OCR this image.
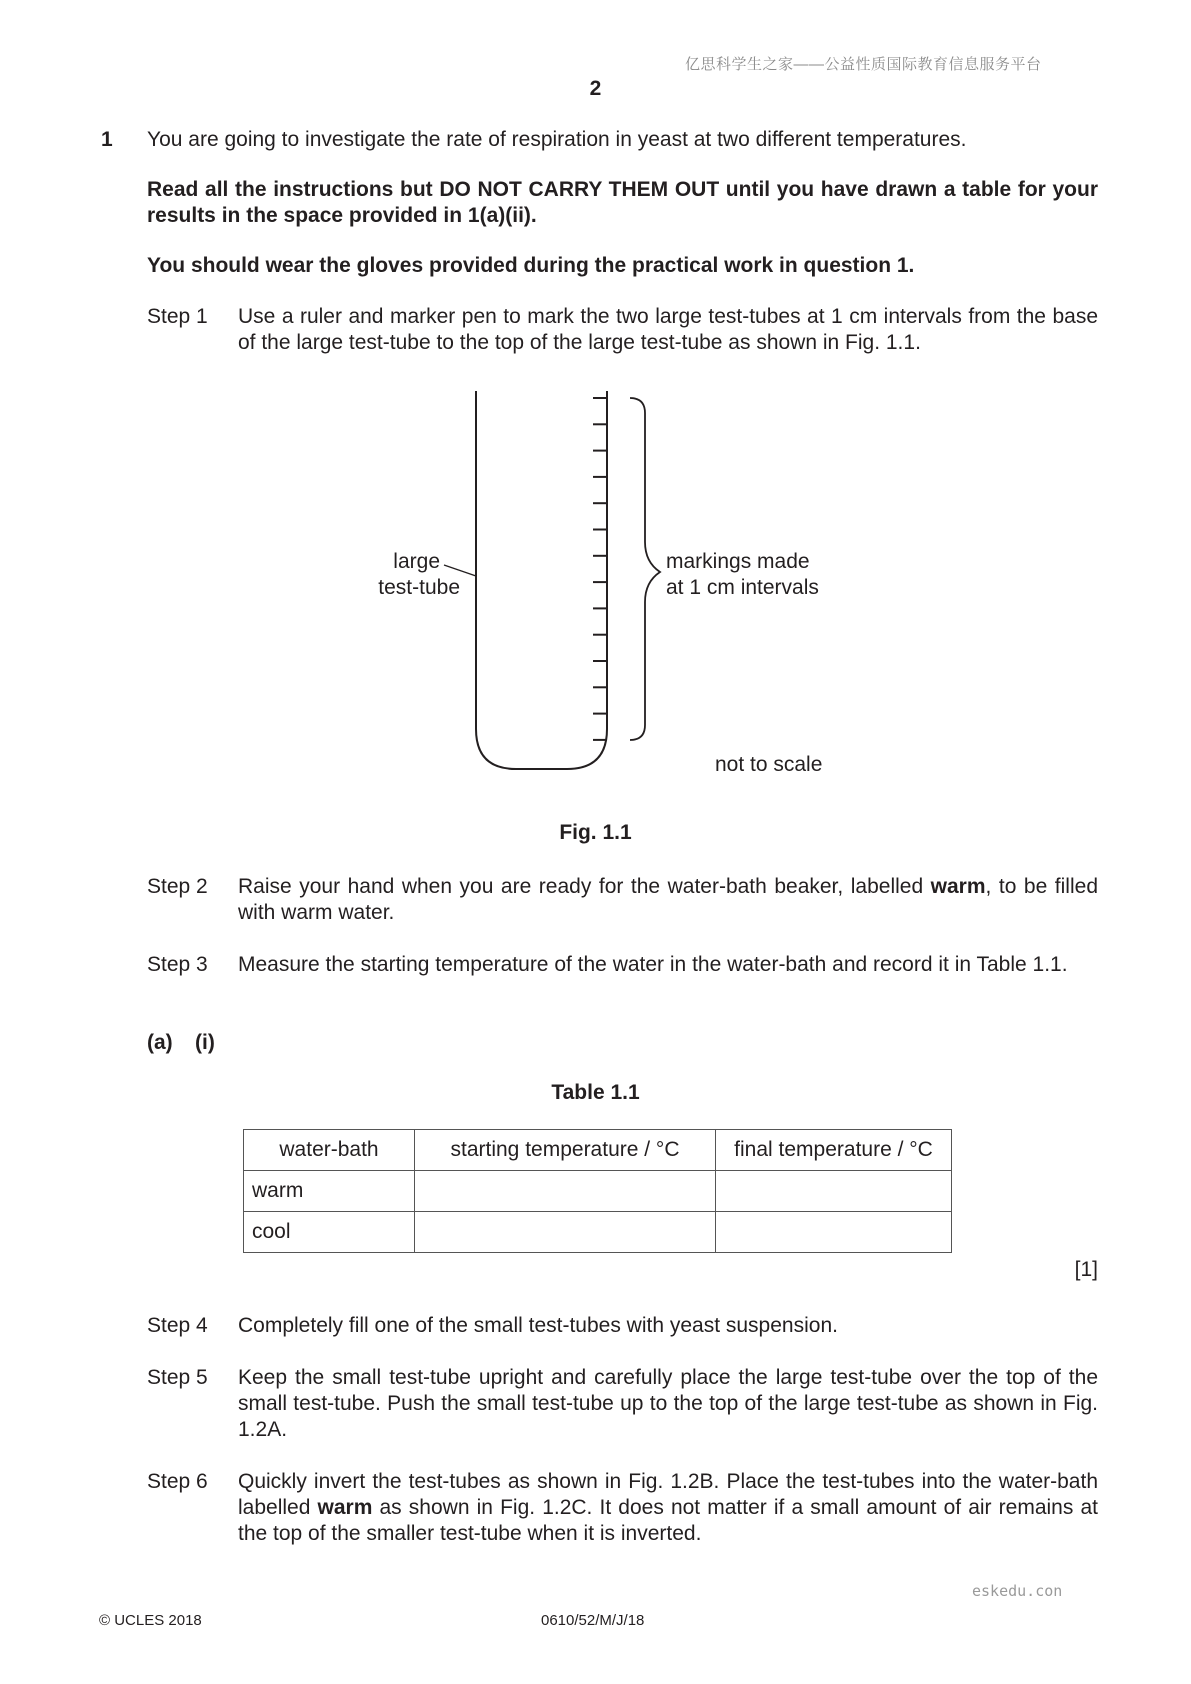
亿思科学生之家——公益性质国际教育信息服务平台
2
1 You are going to investigate the rate of respiration in yeast at two different temperatures.
Read all the instructions but DO NOT CARRY THEM OUT until you have drawn a table for your results in the space provided in 1(a)(ii).
You should wear the gloves provided during the practical work in question 1.
Step 1	Use a ruler and marker pen to mark the two large test-tubes at 1 cm intervals from the base of the large test-tube to the top of the large test-tube as shown in Fig. 1.1.
large
test-tube
markings made
at 1 cm intervals
not to scale
Fig. 1.1
Step 2	Raise your hand when you are ready for the water-bath beaker, labelled warm, to be filled with warm water.
Step 3	Measure the starting temperature of the water in the water-bath and record it in Table 1.1.
(a) (i)
Table 1.1
water-bath	starting temperature / °C	final temperature / °C
warm		
cool		
[1]
Step 4	Completely fill one of the small test-tubes with yeast suspension.
Step 5	Keep the small test-tube upright and carefully place the large test-tube over the top of the small test-tube. Push the small test-tube up to the top of the large test-tube as shown in Fig. 1.2A.
Step 6	Quickly invert the test-tubes as shown in Fig. 1.2B. Place the test-tubes into the water-bath labelled warm as shown in Fig. 1.2C. It does not matter if a small amount of air remains at the top of the smaller test-tube when it is inverted.
eskedu.con
© UCLES 2018	0610/52/M/J/18
